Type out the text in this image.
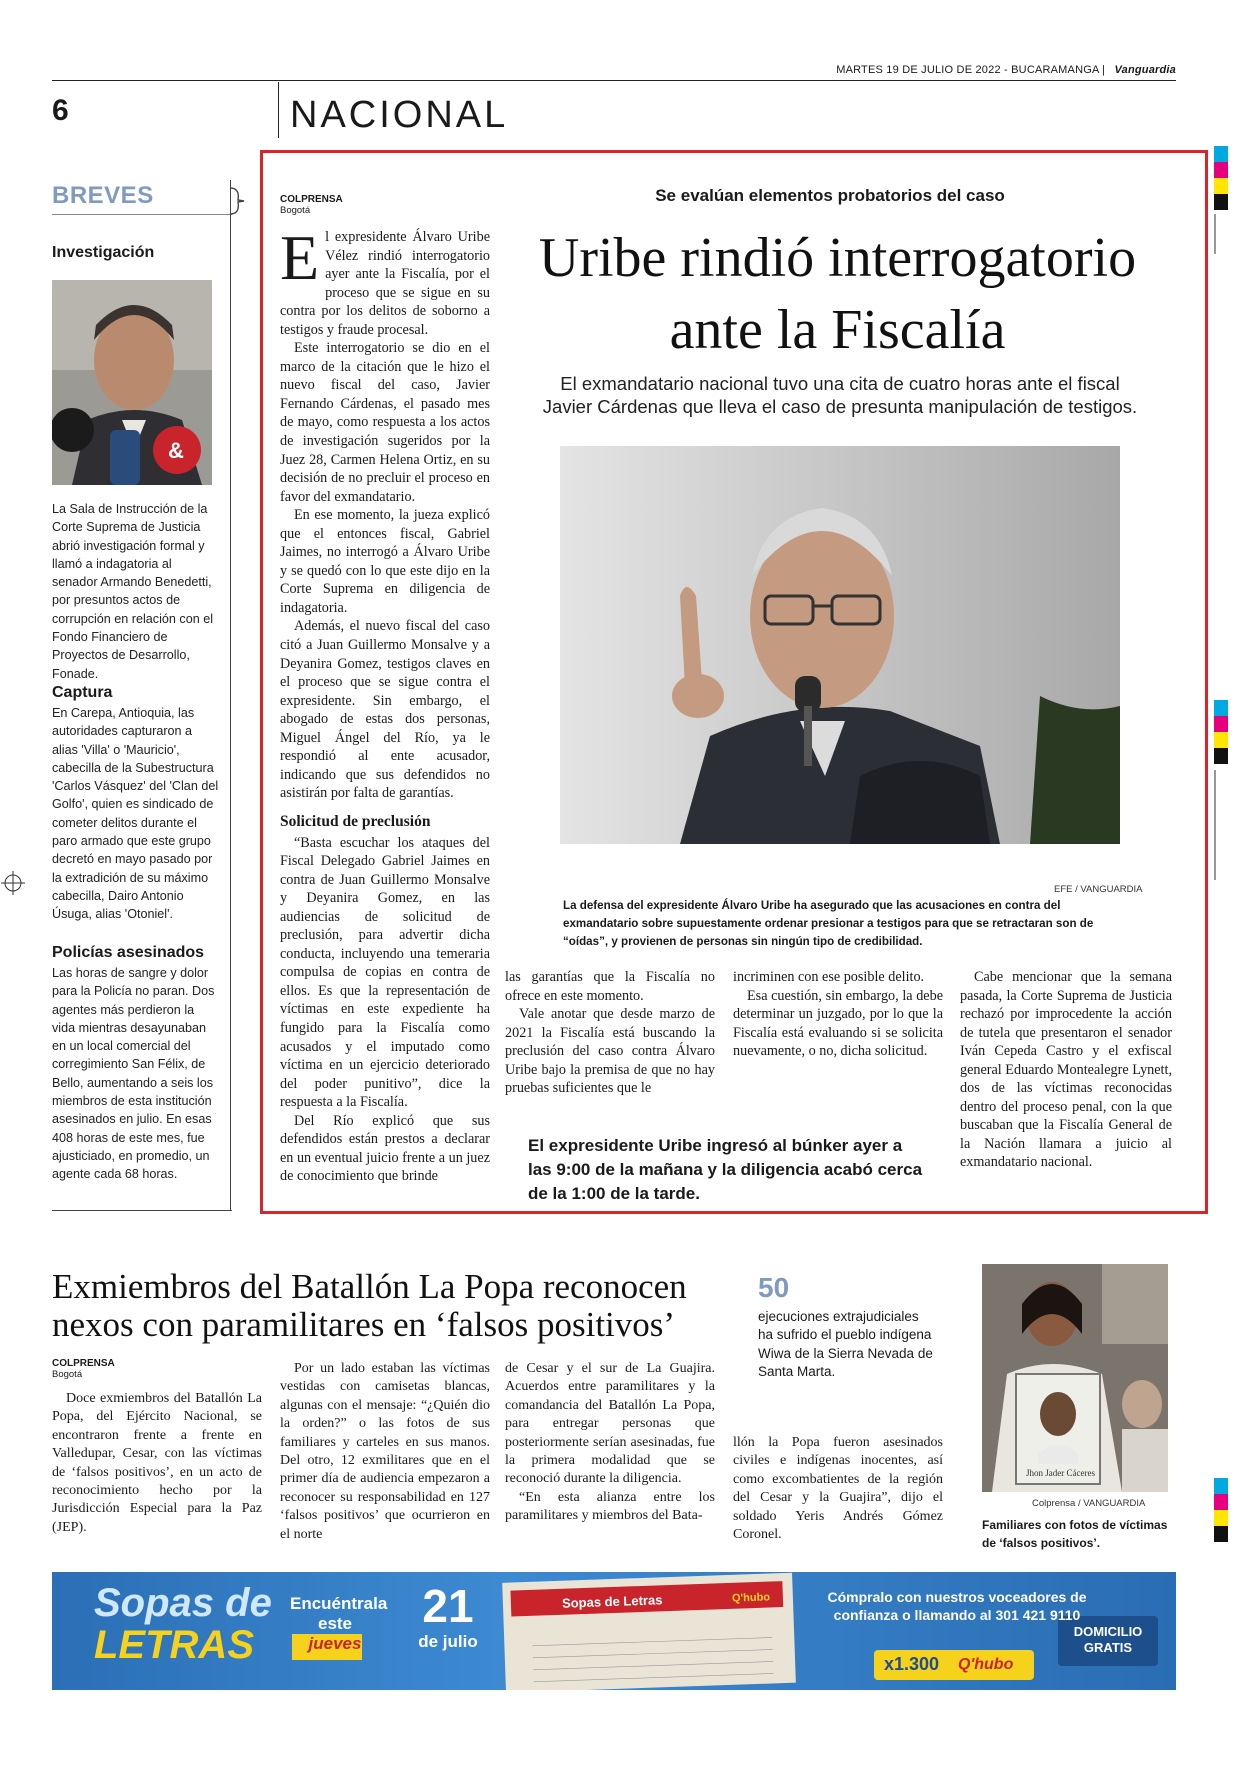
MARTES 19 DE JULIO DE 2022 - BUCARAMANGA | Vanguardia
6	NACIONAL
BREVES
Investigación
&
La Sala de Instrucción de la Corte Suprema de Justicia abrió investigación formal y llamó a indagatoria al senador Armando Benedetti, por presuntos actos de corrupción en relación con el Fondo Financiero de Proyectos de Desarrollo, Fonade.
Captura
En Carepa, Antioquia, las autoridades capturaron a alias 'Villa' o 'Mauricio', cabecilla de la Subestructura 'Carlos Vásquez' del 'Clan del Golfo', quien es sindicado de cometer delitos durante el paro armado que este grupo decretó en mayo pasado por la extradición de su máximo cabecilla, Dairo Antonio Úsuga, alias 'Otoniel'.
Policías asesinados
Las horas de sangre y dolor para la Policía no paran. Dos agentes más perdieron la vida mientras desayunaban en un local comercial del corregimiento San Félix, de Bello, aumentando a seis los miembros de esta institución asesinados en julio. En esas 408 horas de este mes, fue ajusticiado, en promedio, un agente cada 68 horas.
COLPRENSA
Bogotá

El expresidente Álvaro Uribe Vélez rindió interrogatorio ayer ante la Fiscalía, por el proceso que se sigue en su contra por los delitos de soborno a testigos y fraude procesal.

Este interrogatorio se dio en el marco de la citación que le hizo el nuevo fiscal del caso, Javier Fernando Cárdenas, el pasado mes de mayo, como respuesta a los actos de investigación sugeridos por la Juez 28, Carmen Helena Ortiz, en su decisión de no precluir el proceso en favor del exmandatario.

En ese momento, la jueza explicó que el entonces fiscal, Gabriel Jaimes, no interrogó a Álvaro Uribe y se quedó con lo que este dijo en la Corte Suprema en diligencia de indagatoria.

Además, el nuevo fiscal del caso citó a Juan Guillermo Monsalve y a Deyanira Gomez, testigos claves en el proceso que se sigue contra el expresidente. Sin embargo, el abogado de estas dos personas, Miguel Ángel del Río, ya le respondió al ente acusador, indicando que sus defendidos no asistirán por falta de garantías.

Solicitud de preclusión

“Basta escuchar los ataques del Fiscal Delegado Gabriel Jaimes en contra de Juan Guillermo Monsalve y Deyanira Gomez, en las audiencias de solicitud de preclusión, para advertir dicha conducta, incluyendo una temeraria compulsa de copias en contra de ellos. Es que la representación de víctimas en este expediente ha fungido para la Fiscalía como acusados y el imputado como víctima en un ejercicio deteriorado del poder punitivo”, dice la respuesta a la Fiscalía.

Del Río explicó que sus defendidos están prestos a declarar en un eventual juicio frente a un juez de conocimiento que brinde

Se evalúan elementos probatorios del caso
Uribe rindió interrogatorio ante la Fiscalía
El exmandatario nacional tuvo una cita de cuatro horas ante el fiscal Javier Cárdenas que lleva el caso de presunta manipulación de testigos.
EFE / VANGUARDIA
La defensa del expresidente Álvaro Uribe ha asegurado que las acusaciones en contra del exmandatario sobre supuestamente ordenar presionar a testigos para que se retractaran son de “oídas”, y provienen de personas sin ningún tipo de credibilidad.

las garantías que la Fiscalía no ofrece en este momento.

Vale anotar que desde marzo de 2021 la Fiscalía está buscando la preclusión del caso contra Álvaro Uribe bajo la premisa de que no hay pruebas suficientes que le

incriminen con ese posible delito.

Esa cuestión, sin embargo, la debe determinar un juzgado, por lo que la Fiscalía está evaluando si se solicita nuevamente, o no, dicha solicitud.

Cabe mencionar que la semana pasada, la Corte Suprema de Justicia rechazó por improcedente la acción de tutela que presentaron el senador Iván Cepeda Castro y el exfiscal general Eduardo Montealegre Lynett, dos de las víctimas reconocidas dentro del proceso penal, con la que buscaban que la Fiscalía General de la Nación llamara a juicio al exmandatario nacional.

El expresidente Uribe ingresó al búnker ayer a las 9:00 de la mañana y la diligencia acabó cerca de la 1:00 de la tarde.
Exmiembros del Batallón La Popa reconocen nexos con paramilitares en ‘falsos positivos’
COLPRENSA
Bogotá

Doce exmiembros del Batallón La Popa, del Ejército Nacional, se encontraron frente a frente en Valledupar, Cesar, con las víctimas de ‘falsos positivos’, en un acto de reconocimiento hecho por la Jurisdicción Especial para la Paz (JEP).

Por un lado estaban las víctimas vestidas con camisetas blancas, algunas con el mensaje: “¿Quién dio la orden?” o las fotos de sus familiares y carteles en sus manos. Del otro, 12 exmilitares que en el primer día de audiencia empezaron a reconocer su responsabilidad en 127 ‘falsos positivos’ que ocurrieron en el norte

de Cesar y el sur de La Guajira. Acuerdos entre paramilitares y la comandancia del Batallón La Popa, para entregar personas que posteriormente serían asesinadas, fue la primera modalidad que se reconoció durante la diligencia.

“En esta alianza entre los paramilitares y miembros del Bata-

50
ejecuciones extrajudiciales ha sufrido el pueblo indígena Wiwa de la Sierra Nevada de Santa Marta.

llón la Popa fueron asesinados civiles e indígenas inocentes, así como excombatientes de la región del Cesar y la Guajira”, dijo el soldado Yeris Andrés Gómez Coronel.

Jhon Jader Cáceres
Colprensa / VANGUARDIA
Familiares con fotos de víctimas de ‘falsos positivos’.
Sopas de
LETRAS
Encuéntrala
este
jueves
21
de julio
Sopas de Letras	Q'hubo	Cómpralo con nuestros voceadores de confianza o llamando al 301 421 9110
x1.300 Q'hubo
DOMICILIO GRATIS
